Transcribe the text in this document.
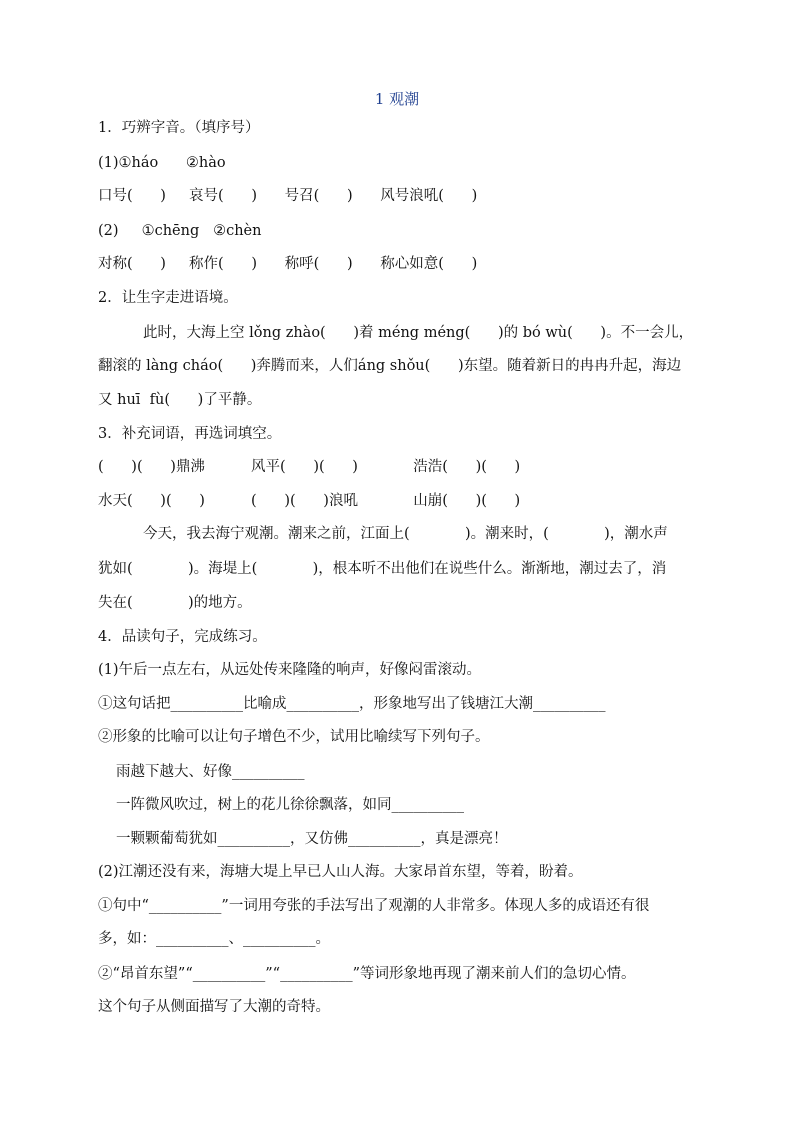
1 观潮
1．巧辨字音。（填序号）
(1)①háo      ②hào
口号(      )     哀号(      )      号召(      )      风号浪吼(      )
(2)     ①chēng   ②chèn
对称(      )     称作(      )      称呼(      )      称心如意(      )
2．让生字走进语境。
此时，大海上空 lǒng zhào(      )着 méng méng(      )的 bó wù(      )。不一会儿，
翻滚的 làng cháo(      )奔腾而来，人们áng shǒu(      )东望。随着新日的冉冉升起，海边
又 huī  fù(      )了平静。
3．补充词语，再选词填空。
(      )(      )鼎沸          风平(      )(      )            浩浩(      )(      )
水天(      )(      )          (      )(      )浪吼            山崩(      )(      )
今天，我去海宁观潮。潮来之前，江面上(            )。潮来时，(            )，潮水声
犹如(            )。海堤上(            )，根本听不出他们在说些什么。渐渐地，潮过去了，消
失在(            )的地方。
4．品读句子，完成练习。
(1)午后一点左右，从远处传来隆隆的响声，好像闷雷滚动。
①这句话把__________比喻成__________，形象地写出了钱塘江大潮__________
②形象的比喻可以让句子增色不少，试用比喻续写下列句子。
雨越下越大、好像__________
一阵微风吹过，树上的花儿徐徐飘落，如同__________
一颗颗葡萄犹如__________，又仿佛__________，真是漂亮！
(2)江潮还没有来，海塘大堤上早已人山人海。大家昂首东望，等着，盼着。
①句中“__________”一词用夸张的手法写出了观潮的人非常多。体现人多的成语还有很
多，如：__________、__________。
②“昂首东望”“__________”“__________”等词形象地再现了潮来前人们的急切心情。
这个句子从侧面描写了大潮的奇特。
